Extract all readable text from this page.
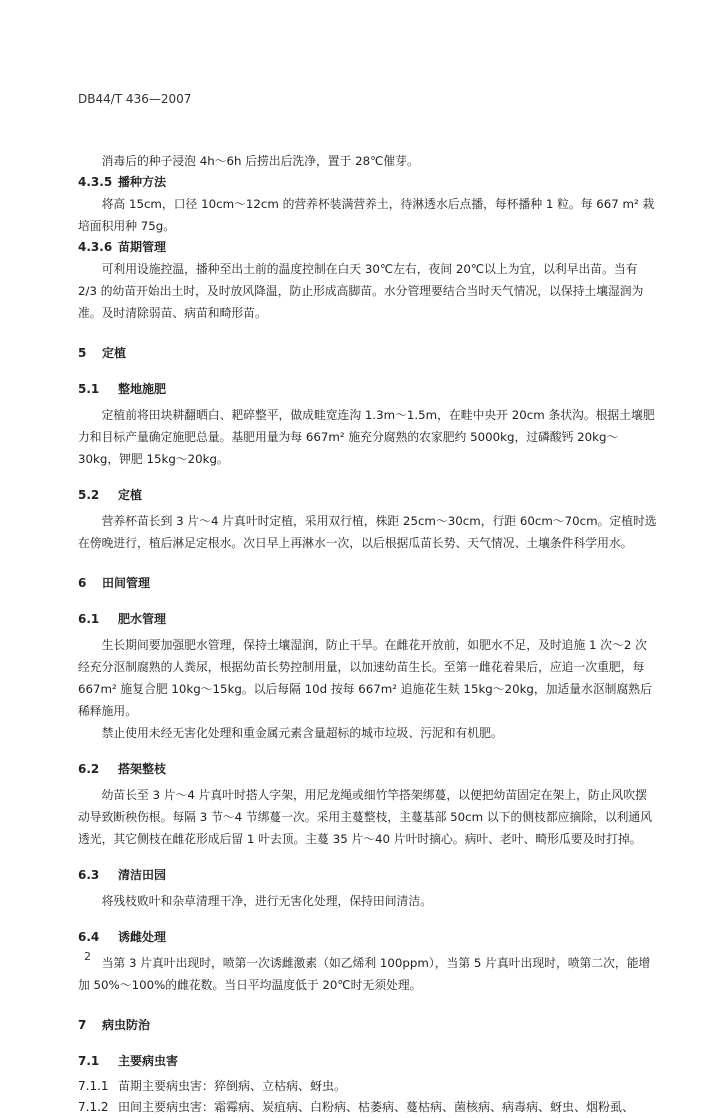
DB44/T 436—2007

消毒后的种子浸泡 4h～6h 后捞出后洗净，置于 28℃催芽。

4.3.5 播种方法

将高 15cm，口径 10cm～12cm 的营养杯装满营养土，待淋透水后点播，每杯播种 1 粒。每 667 m² 栽培面积用种 75g。

4.3.6 苗期管理

可利用设施控温，播种至出土前的温度控制在白天 30℃左右，夜间 20℃以上为宜，以利早出苗。当有 2/3 的幼苗开始出土时，及时放风降温，防止形成高脚苗。水分管理要结合当时天气情况，以保持土壤湿润为准。及时清除弱苗、病苗和畸形苗。

5 定植
5.1 整地施肥

定植前将田块耕翻晒白、耙碎整平，做成畦宽连沟 1.3m～1.5m，在畦中央开 20cm 条状沟。根据土壤肥力和目标产量确定施肥总量。基肥用量为每 667m² 施充分腐熟的农家肥约 5000kg，过磷酸钙 20kg～30kg，钾肥 15kg～20kg。

5.2 定植

营养杯苗长到 3 片～4 片真叶时定植，采用双行植，株距 25cm～30cm，行距 60cm～70cm。定植时选在傍晚进行，植后淋足定根水。次日早上再淋水一次，以后根据瓜苗长势、天气情况、土壤条件科学用水。

6 田间管理
6.1 肥水管理

生长期间要加强肥水管理，保持土壤湿润，防止干旱。在雌花开放前，如肥水不足，及时追施 1 次～2 次经充分沤制腐熟的人粪尿，根据幼苗长势控制用量，以加速幼苗生长。至第一雌花着果后，应追一次重肥，每 667m² 施复合肥 10kg～15kg。以后每隔 10d 按每 667m² 追施花生麸 15kg～20kg，加适量水沤制腐熟后稀释施用。

禁止使用未经无害化处理和重金属元素含量超标的城市垃圾、污泥和有机肥。

6.2 搭架整枝

幼苗长至 3 片～4 片真叶时搭人字架，用尼龙绳或细竹竿搭架绑蔓，以便把幼苗固定在架上，防止风吹摆动导致断秧伤根。每隔 3 节～4 节绑蔓一次。采用主蔓整枝，主蔓基部 50cm 以下的侧枝都应摘除，以利通风透光，其它侧枝在雌花形成后留 1 叶去顶。主蔓 35 片～40 片叶时摘心。病叶、老叶、畸形瓜要及时打掉。

6.3 清洁田园

将残枝败叶和杂草清理干净，进行无害化处理，保持田间清洁。

6.4 诱雌处理

当第 3 片真叶出现时，喷第一次诱雌激素（如乙烯利 100ppm），当第 5 片真叶出现时，喷第二次，能增加 50%～100%的雌花数。当日平均温度低于 20℃时无须处理。

7 病虫防治
7.1 主要病虫害
7.1.1 苗期主要病虫害：猝倒病、立枯病、蚜虫。
7.1.2 田间主要病虫害：霜霉病、炭疽病、白粉病、枯萎病、蔓枯病、菌核病、病毒病、蚜虫、烟粉虱、
2
